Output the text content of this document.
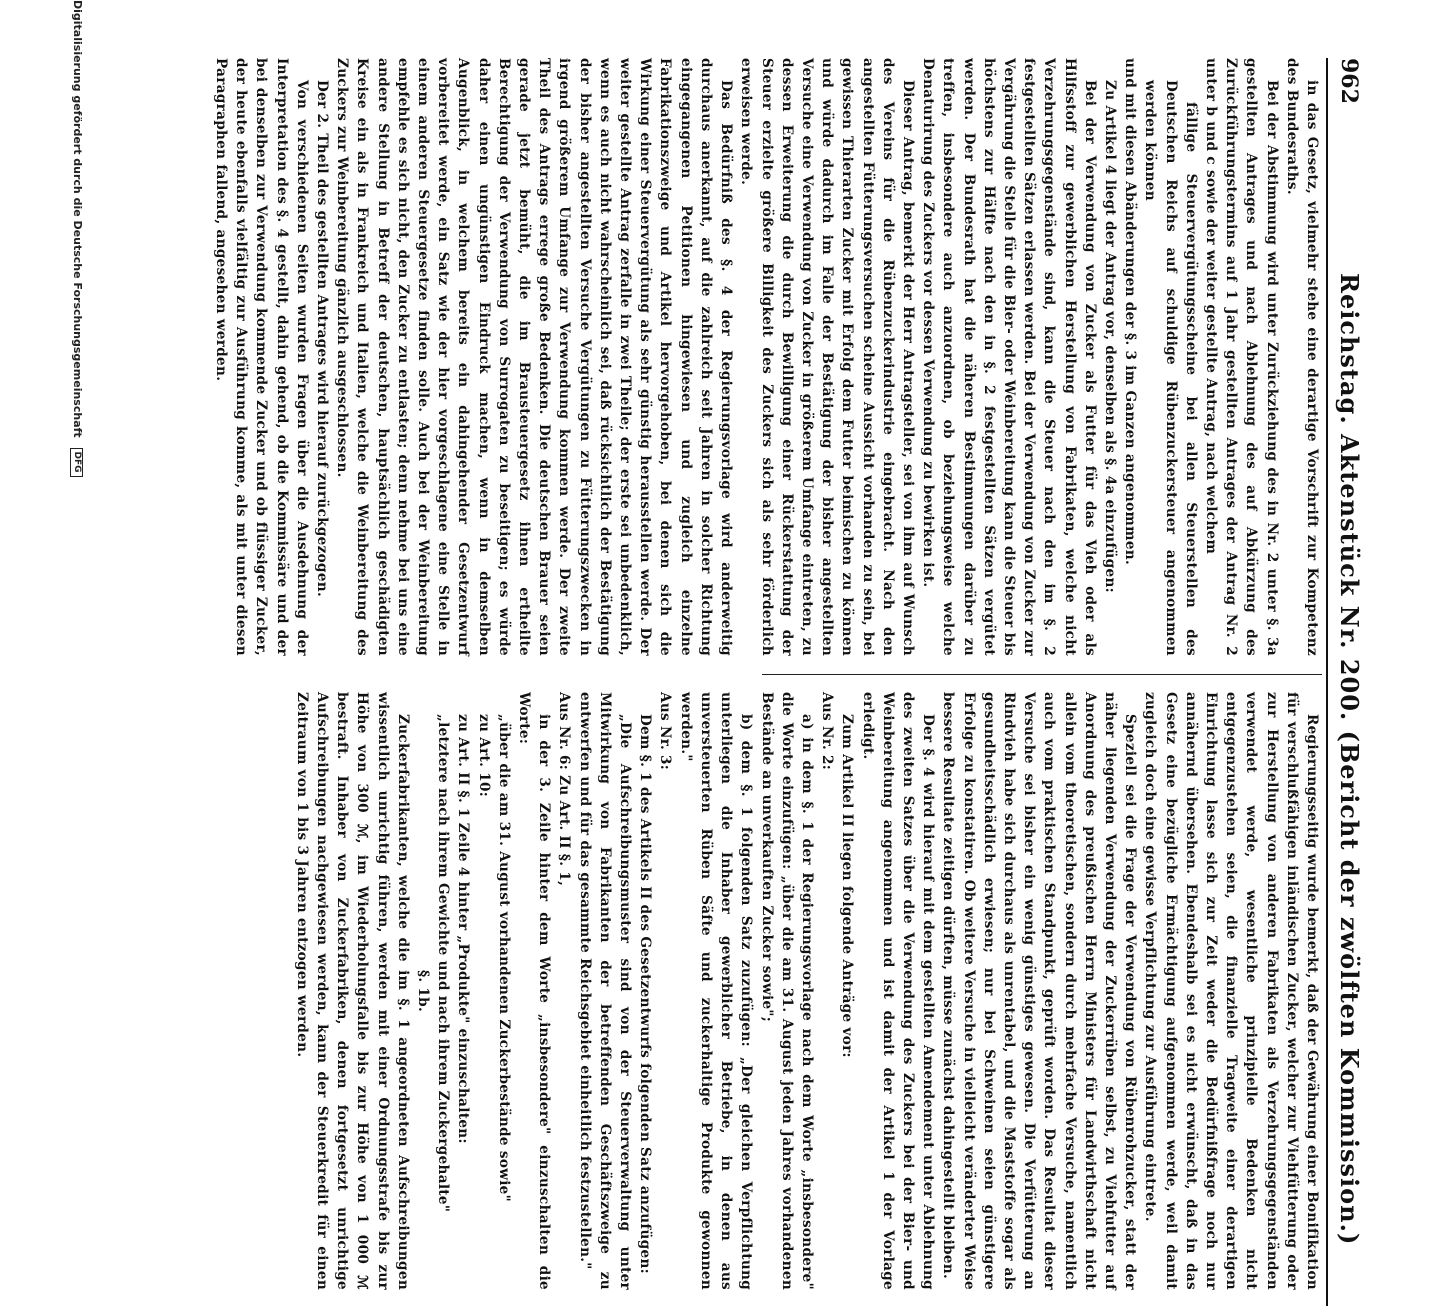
962
Reichstag. Aktenstück Nr. 200. (Bericht der zwölften Kommission.)

in das Gesetz, vielmehr stehe eine derartige Vorschrift zur Kompetenz des Bundesraths.

Bei der Abstimmung wird unter Zurückziehung des in Nr. 2 unter §. 3a gestellten Antrages und nach Ablehnung des auf Abkürzung des Zurückführungstermins auf 1 Jahr gestellten Antrages der Antrag Nr. 2 unter b und c sowie der weiter gestellte Antrag, nach welchem

fällige Steuervergütungsscheine bei allen Steuerstellen des Deutschen Reichs auf schuldige Rübenzuckersteuer angenommen werden können

und mit diesen Abänderungen der §. 3 im Ganzen angenommen.

Zu Artikel 4 liegt der Antrag vor, denselben als §. 4a einzufügen:

Bei der Verwendung von Zucker als Futter für das Vieh oder als Hilfsstoff zur gewerblichen Herstellung von Fabrikaten, welche nicht Verzehrungsgegenstände sind, kann die Steuer nach den im §. 2 festgestellten Sätzen erlassen werden. Bei der Verwendung von Zucker zur Vergährung die Stelle für die Bier- oder Weinbereitung kann die Steuer bis höchstens zur Hälfte nach den in §. 2 festgestellten Sätzen vergütet werden. Der Bundesrath hat die näheren Bestimmungen darüber zu treffen, insbesondere auch anzuordnen, ob beziehungsweise welche Denaturirung des Zuckers vor dessen Verwendung zu bewirken ist.

Dieser Antrag, bemerkt der Herr Antragsteller, sei von ihm auf Wunsch des Vereins für die Rübenzuckerindustrie eingebracht. Nach den angestellten Fütterungsversuchen scheine Aussicht vorhanden zu sein, bei gewissen Thierarten Zucker mit Erfolg dem Futter beimischen zu können und würde dadurch im Falle der Bestätigung der bisher angestellten Versuche eine Verwendung von Zucker in größerem Umfange eintreten, zu dessen Erweiterung die durch Bewilligung einer Rückerstattung der Steuer erzielte größere Billigkeit des Zuckers sich als sehr förderlich erweisen werde.

Das Bedürfniß des §. 4 der Regierungsvorlage wird anderweitig durchaus anerkannt, auf die zahlreich seit Jahren in solcher Richtung eingegangenen Petitionen hingewiesen und zugleich einzelne Fabrikationszweige und Artikel hervorgehoben, bei denen sich die Wirkung einer Steuervergütung als sehr günstig herausstellen werde. Der weiter gestellte Antrag zerfalle in zwei Theile; der erste sei unbedenklich, wenn es auch nicht wahrscheinlich sei, daß rücksichtlich der Bestätigung der bisher angestellten Versuche Vergütungen zu Fütterungszwecken in irgend größerem Umfange zur Verwendung kommen werde. Der zweite Theil des Antrags errege große Bedenken. Die deutschen Brauer seien gerade jetzt bemüht, die im Brausteuergesetz ihnen ertheilte Berechtigung der Verwendung von Surrogaten zu beseitigen; es würde daher einen ungünstigen Eindruck machen, wenn in demselben Augenblick, in welchem bereits ein dahingehender Gesetzentwurf vorbereitet werde, ein Satz wie der hier vorgeschlagene eine Stelle in einem anderen Steuergesetze finden solle. Auch bei der Weinbereitung empfehle es sich nicht, den Zucker zu entlasten; denn nehme bei uns eine andere Stellung in Betreff der deutschen, hauptsächlich geschädigten Kreise ein als in Frankreich und Italien, welche die Weinbereitung des Zuckers zur Weinbereitung gänzlich ausgeschlossen.

Der 2. Theil des gestellten Antrages wird hierauf zurückgezogen.

Von verschiedenen Seiten wurden Fragen über die Ausdehnung der Interpretation des §. 4 gestellt, dahin gehend, ob die Kommissäre und der bei denselben zur Verwendung kommende Zucker und ob flüssiger Zucker, der heute ebenfalls vielfältig zur Ausführung komme, als mit unter diesen Paragraphen fallend, angesehen werden.

Regierungsseitig wurde bemerkt, daß der Gewährung einer Bonifikation für verschlußfähigen inländischen Zucker, welcher zur Viehfütterung oder zur Herstellung von anderen Fabrikaten als Verzehrungsgegenständen verwendet werde, wesentliche prinzipielle Bedenken nicht entgegenzustehen seien, die finanzielle Tragweite einer derartigen Einrichtung lasse sich zur Zeit weder die Bedürfnißfrage noch nur annähernd übersehen. Ebendeshalb sei es nicht erwünscht, daß in das Gesetz eine bezügliche Ermächtigung aufgenommen werde, weil damit zugleich doch eine gewisse Verpflichtung zur Ausführung eintrete.

Speziell sei die Frage der Verwendung von Rübenrohzucker, statt der näher liegenden Verwendung der Zuckerrüben selbst, zu Viehfutter auf Anordnung des preußischen Herrn Ministers für Landwirthschaft nicht allein vom theoretischen, sondern durch mehrfache Versuche, namentlich auch vom praktischen Standpunkt, geprüft worden. Das Resultat dieser Versuche sei bisher ein wenig günstiges gewesen. Die Verfütterung an Rindvieh habe sich durchaus als unrentabel, und die Maststoffe sogar als gesundheitsschädlich erwiesen; nur bei Schweinen seien günstigere Erfolge zu konstatiren. Ob weitere Versuche in vielleicht veränderter Weise bessere Resultate zeitigen dürften, müsse zunächst dahingestellt bleiben.

Der §. 4 wird hierauf mit dem gestellten Amendement unter Ablehnung des zweiten Satzes über die Verwendung des Zuckers bei der Bier- und Weinbereitung angenommen und ist damit der Artikel 1 der Vorlage erledigt.

Zum Artikel II liegen folgende Anträge vor:

Aus Nr. 2:

a) in dem §. 1 der Regierungsvorlage nach dem Worte „insbesondere" die Worte einzufügen: „über die am 31. August jeden Jahres vorhandenen Bestände an unverkauften Zucker sowie";

b) dem §. 1 folgenden Satz zuzufügen: „Der gleichen Verpflichtung unterliegen die Inhaber gewerblicher Betriebe, in denen aus unversteuerten Rüben Säfte und zuckerhaltige Produkte gewonnen werden."

Aus Nr. 3:

Dem §. 1 des Artikels II des Gesetzentwurfs folgenden Satz anzufügen:

„Die Aufschreibungsmuster sind von der Steuerverwaltung unter Mitwirkung von Fabrikanten der betreffenden Geschäftszweige zu entwerfen und für das gesammte Reichsgebiet einheitlich festzustellen."

Aus Nr. 6: Zu Art. II §. 1,

in der 3. Zeile hinter dem Worte „insbesondere" einzuschalten die Worte:

„über die am 31. August vorhandenen Zuckerbestände sowie"

zu Art. 10:

zu Art. II §. 1 Zeile 4 hinter „Produkte" einzuschalten:

„letztere nach ihrem Gewichte und nach ihrem Zuckergehalte"

§. 1b.

Zuckerfabrikanten, welche die im §. 1 angeordneten Aufschreibungen wissentlich unrichtig führen, werden mit einer Ordnungsstrafe bis zur Höhe von 300 ℳ, im Wiederholungsfalle bis zur Höhe von 1 000 ℳ bestraft. Inhaber von Zuckerfabriken, denen fortgesetzt unrichtige Aufschreibungen nachgewiesen werden, kann der Steuerkredit für einen Zeitraum von 1 bis 3 Jahren entzogen werden.

Digitalisierung gefördert durch die Deutsche Forschungsgemeinschaft DFG
